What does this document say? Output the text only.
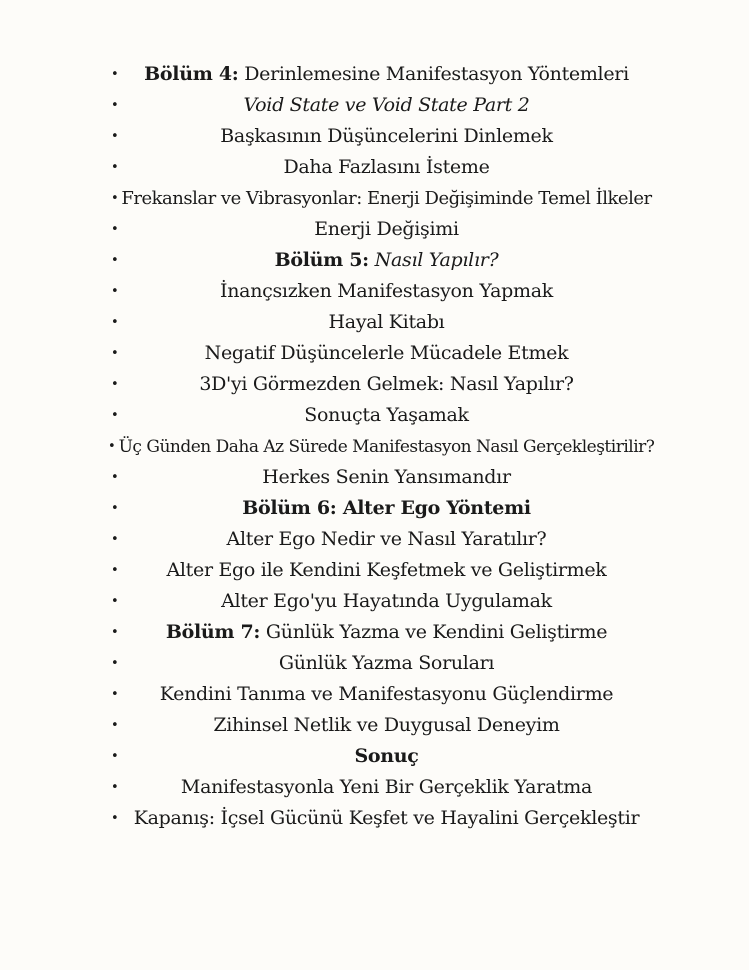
•	Bölüm 4: Derinlemesine Manifestasyon Yöntemleri
•	Void State ve Void State Part 2
•	Başkasının Düşüncelerini Dinlemek
•	Daha Fazlasını İsteme
• Frekanslar ve Vibrasyonlar: Enerji Değişiminde Temel İlkeler
•	Enerji Değişimi
•	Bölüm 5: Nasıl Yapılır?
•	İnançsızken Manifestasyon Yapmak
•	Hayal Kitabı
•	Negatif Düşüncelerle Mücadele Etmek
•	3D'yi Görmezden Gelmek: Nasıl Yapılır?
•	Sonuçta Yaşamak
• Üç Günden Daha Az Sürede Manifestasyon Nasıl Gerçekleştirilir?
•	Herkes Senin Yansımandır
•	Bölüm 6: Alter Ego Yöntemi
•	Alter Ego Nedir ve Nasıl Yaratılır?
•	Alter Ego ile Kendini Keşfetmek ve Geliştirmek
•	Alter Ego'yu Hayatında Uygulamak
•	Bölüm 7: Günlük Yazma ve Kendini Geliştirme
•	Günlük Yazma Soruları
•	Kendini Tanıma ve Manifestasyonu Güçlendirme
•	Zihinsel Netlik ve Duygusal Deneyim
•	Sonuç
•	Manifestasyonla Yeni Bir Gerçeklik Yaratma
• Kapanış: İçsel Gücünü Keşfet ve Hayalini Gerçekleştir
